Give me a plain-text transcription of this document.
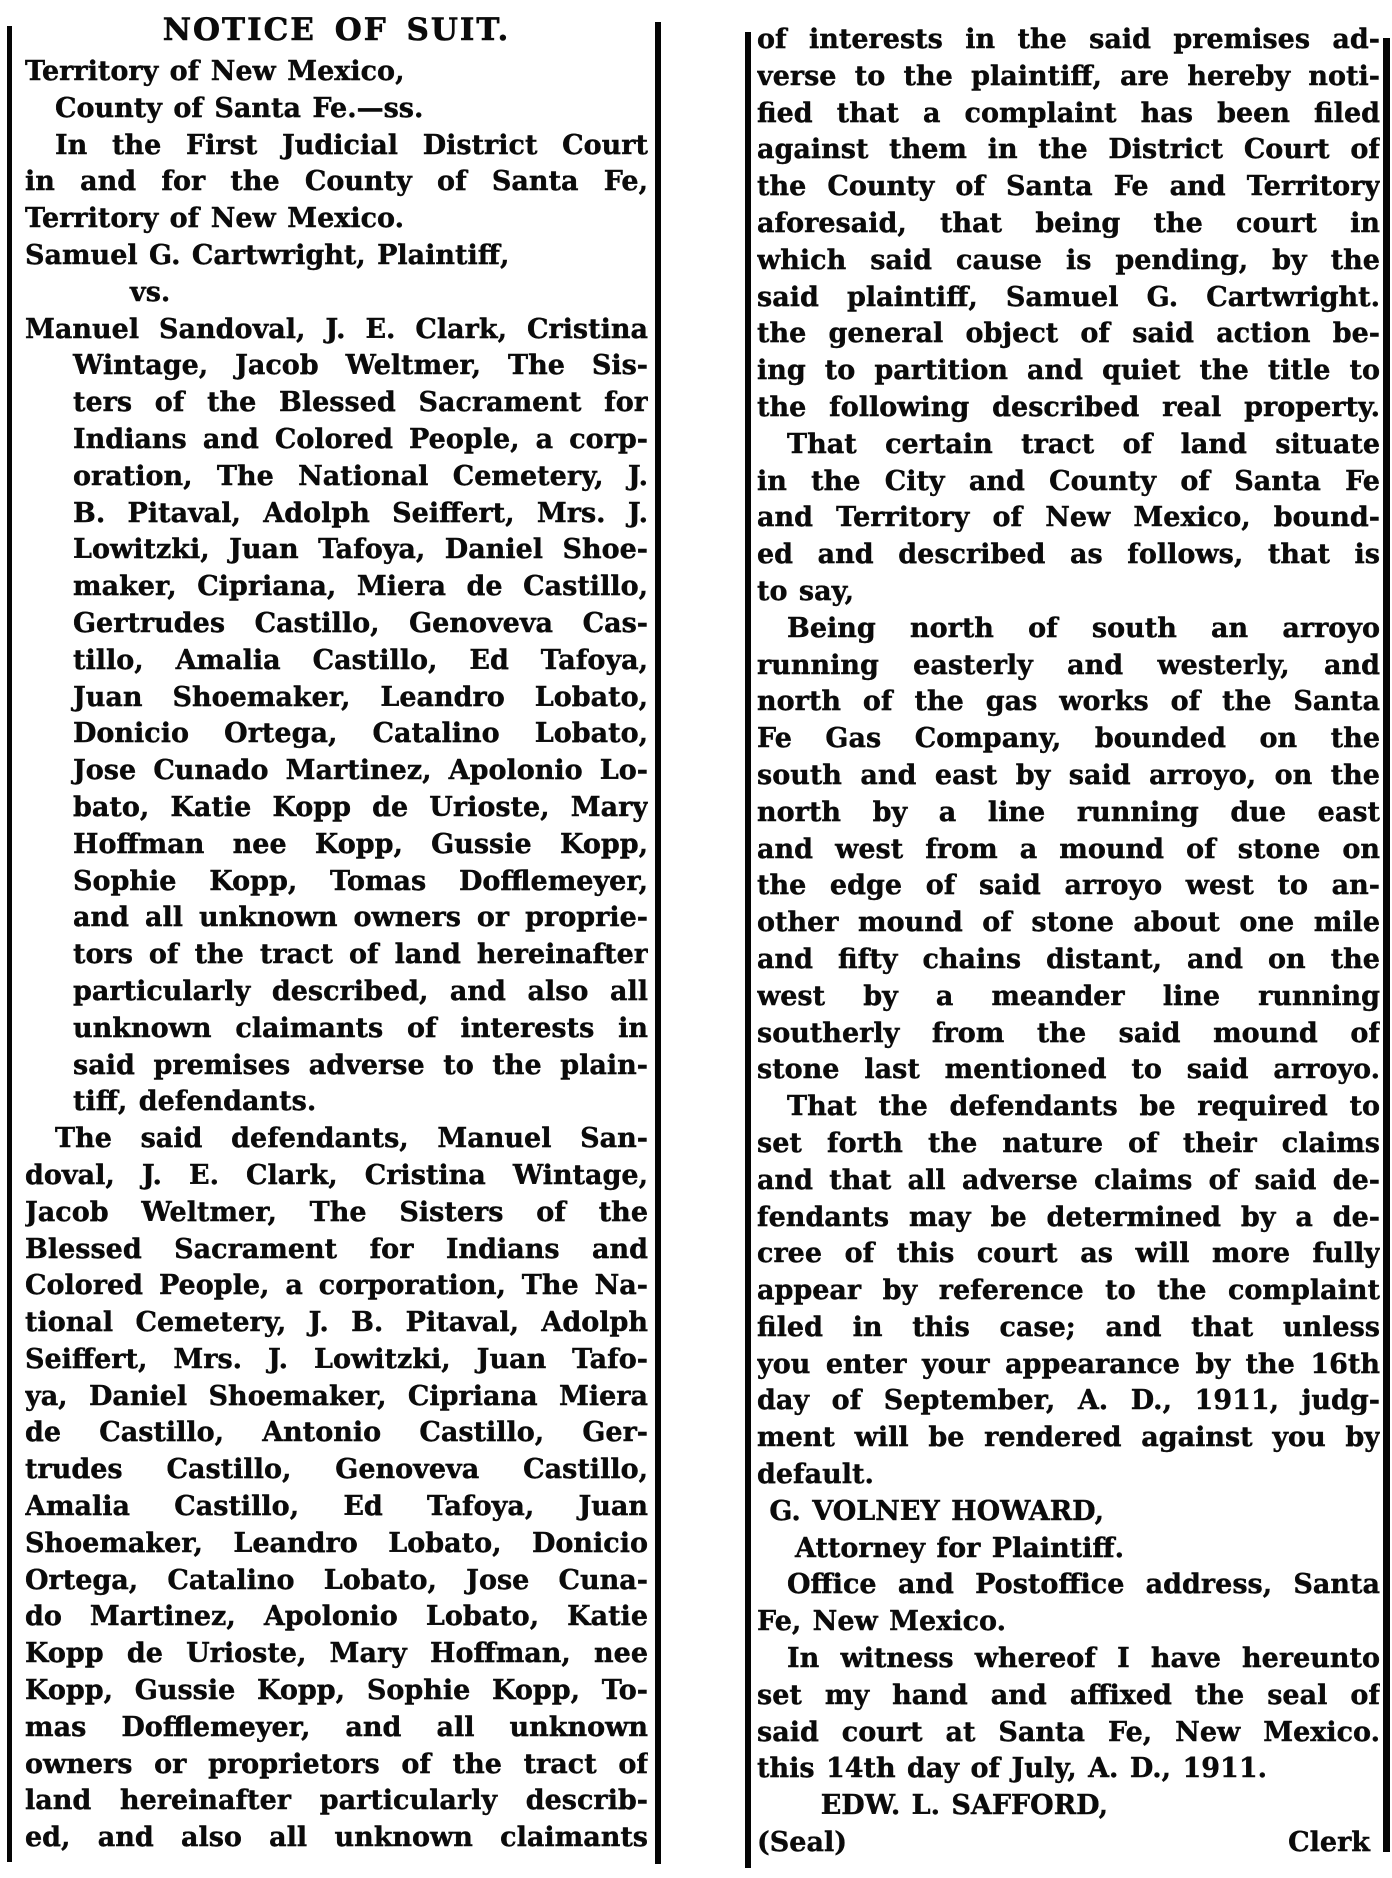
NOTICE OF SUIT.
Territory of New Mexico,
County of Santa Fe.—ss.
In the First Judicial District Court
in and for the County of Santa Fe,
Territory of New Mexico.
Samuel G. Cartwright, Plaintiff,
vs.
Manuel Sandoval, J. E. Clark, Cristina
Wintage, Jacob Weltmer, The Sis-
ters of the Blessed Sacrament for
Indians and Colored People, a corp-
oration, The National Cemetery, J.
B. Pitaval, Adolph Seiffert, Mrs. J.
Lowitzki, Juan Tafoya, Daniel Shoe-
maker, Cipriana, Miera de Castillo,
Gertrudes Castillo, Genoveva Cas-
tillo, Amalia Castillo, Ed Tafoya,
Juan Shoemaker, Leandro Lobato,
Donicio Ortega, Catalino Lobato,
Jose Cunado Martinez, Apolonio Lo-
bato, Katie Kopp de Urioste, Mary
Hoffman nee Kopp, Gussie Kopp,
Sophie Kopp, Tomas Dofflemeyer,
and all unknown owners or proprie-
tors of the tract of land hereinafter
particularly described, and also all
unknown claimants of interests in
said premises adverse to the plain-
tiff, defendants.
The said defendants, Manuel San-
doval, J. E. Clark, Cristina Wintage,
Jacob Weltmer, The Sisters of the
Blessed Sacrament for Indians and
Colored People, a corporation, The Na-
tional Cemetery, J. B. Pitaval, Adolph
Seiffert, Mrs. J. Lowitzki, Juan Tafo-
ya, Daniel Shoemaker, Cipriana Miera
de Castillo, Antonio Castillo, Ger-
trudes Castillo, Genoveva Castillo,
Amalia Castillo, Ed Tafoya, Juan
Shoemaker, Leandro Lobato, Donicio
Ortega, Catalino Lobato, Jose Cuna-
do Martinez, Apolonio Lobato, Katie
Kopp de Urioste, Mary Hoffman, nee
Kopp, Gussie Kopp, Sophie Kopp, To-
mas Dofflemeyer, and all unknown
owners or proprietors of the tract of
land hereinafter particularly describ-
ed, and also all unknown claimants
of interests in the said premises ad-
verse to the plaintiff, are hereby noti-
fied that a complaint has been filed
against them in the District Court of
the County of Santa Fe and Territory
aforesaid, that being the court in
which said cause is pending, by the
said plaintiff, Samuel G. Cartwright.
the general object of said action be-
ing to partition and quiet the title to
the following described real property.
That certain tract of land situate
in the City and County of Santa Fe
and Territory of New Mexico, bound-
ed and described as follows, that is
to say,
Being north of south an arroyo
running easterly and westerly, and
north of the gas works of the Santa
Fe Gas Company, bounded on the
south and east by said arroyo, on the
north by a line running due east
and west from a mound of stone on
the edge of said arroyo west to an-
other mound of stone about one mile
and fifty chains distant, and on the
west by a meander line running
southerly from the said mound of
stone last mentioned to said arroyo.
That the defendants be required to
set forth the nature of their claims
and that all adverse claims of said de-
fendants may be determined by a de-
cree of this court as will more fully
appear by reference to the complaint
filed in this case; and that unless
you enter your appearance by the 16th
day of September, A. D., 1911, judg-
ment will be rendered against you by
default.
G. VOLNEY HOWARD,
Attorney for Plaintiff.
Office and Postoffice address, Santa
Fe, New Mexico.
In witness whereof I have hereunto
set my hand and affixed the seal of
said court at Santa Fe, New Mexico.
this 14th day of July, A. D., 1911.
EDW. L. SAFFORD,
(Seal)	Clerk
